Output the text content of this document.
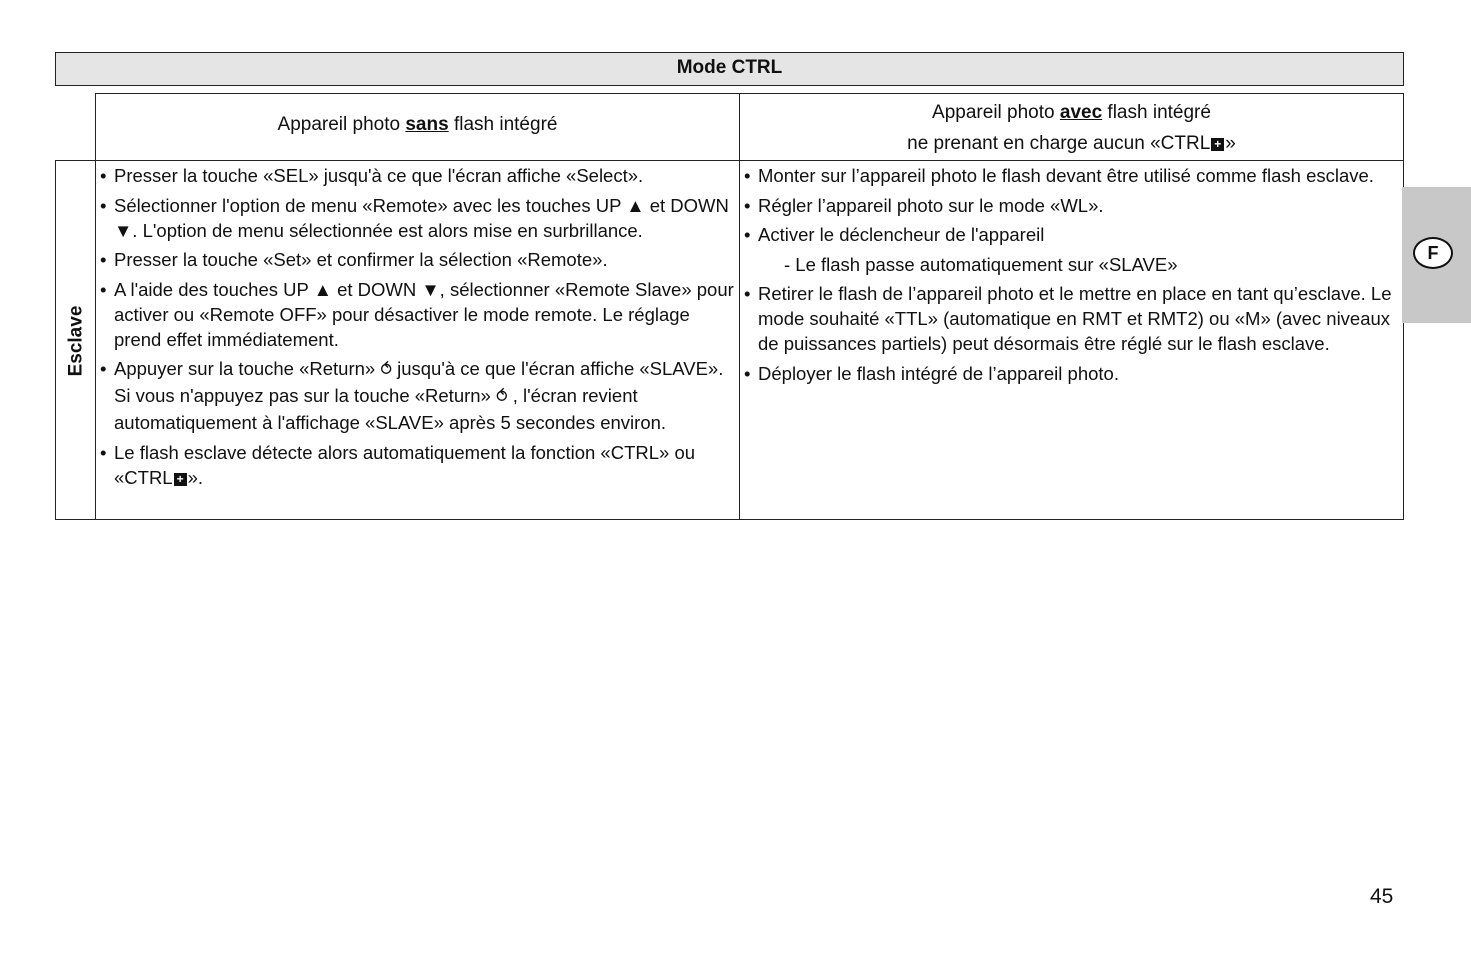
Mode CTRL
Appareil photo sans flash intégré
Appareil photo avec flash intégré
ne prenant en charge aucun «CTRL + »
Esclave
• Presser la touche «SEL» jusqu'à ce que l'écran affiche «Select».
• Sélectionner l'option de menu «Remote» avec les touches UP ▲ et DOWN ▼. L'option de menu sélectionnée est alors mise en surbrillance.
• Presser la touche «Set» et confirmer la sélection «Remote».
• A l'aide des touches UP ▲ et DOWN ▼, sélectionner «Remote Slave» pour activer ou «Remote OFF» pour désactiver le mode remote. Le réglage prend effet immédiatement.
• Appuyer sur la touche «Return» ⥀ jusqu'à ce que l'écran affiche «SLAVE». Si vous n'appuyez pas sur la touche «Return» ⥀ , l'écran revient automatiquement à l'affichage «SLAVE» après 5 secondes environ.
• Le flash esclave détecte alors automatiquement la fonction «CTRL» ou «CTRL + ».
• Monter sur l’appareil photo le flash devant être utilisé comme flash esclave.
• Régler l’appareil photo sur le mode «WL».
• Activer le déclencheur de l'appareil
- Le flash passe automatiquement sur «SLAVE»
• Retirer le flash de l’appareil photo et le mettre en place en tant qu’esclave. Le mode souhaité «TTL» (automatique en RMT et RMT2) ou «M» (avec niveaux de puissances partiels) peut désormais être réglé sur le flash esclave.
• Déployer le flash intégré de l’appareil photo.
F
45
